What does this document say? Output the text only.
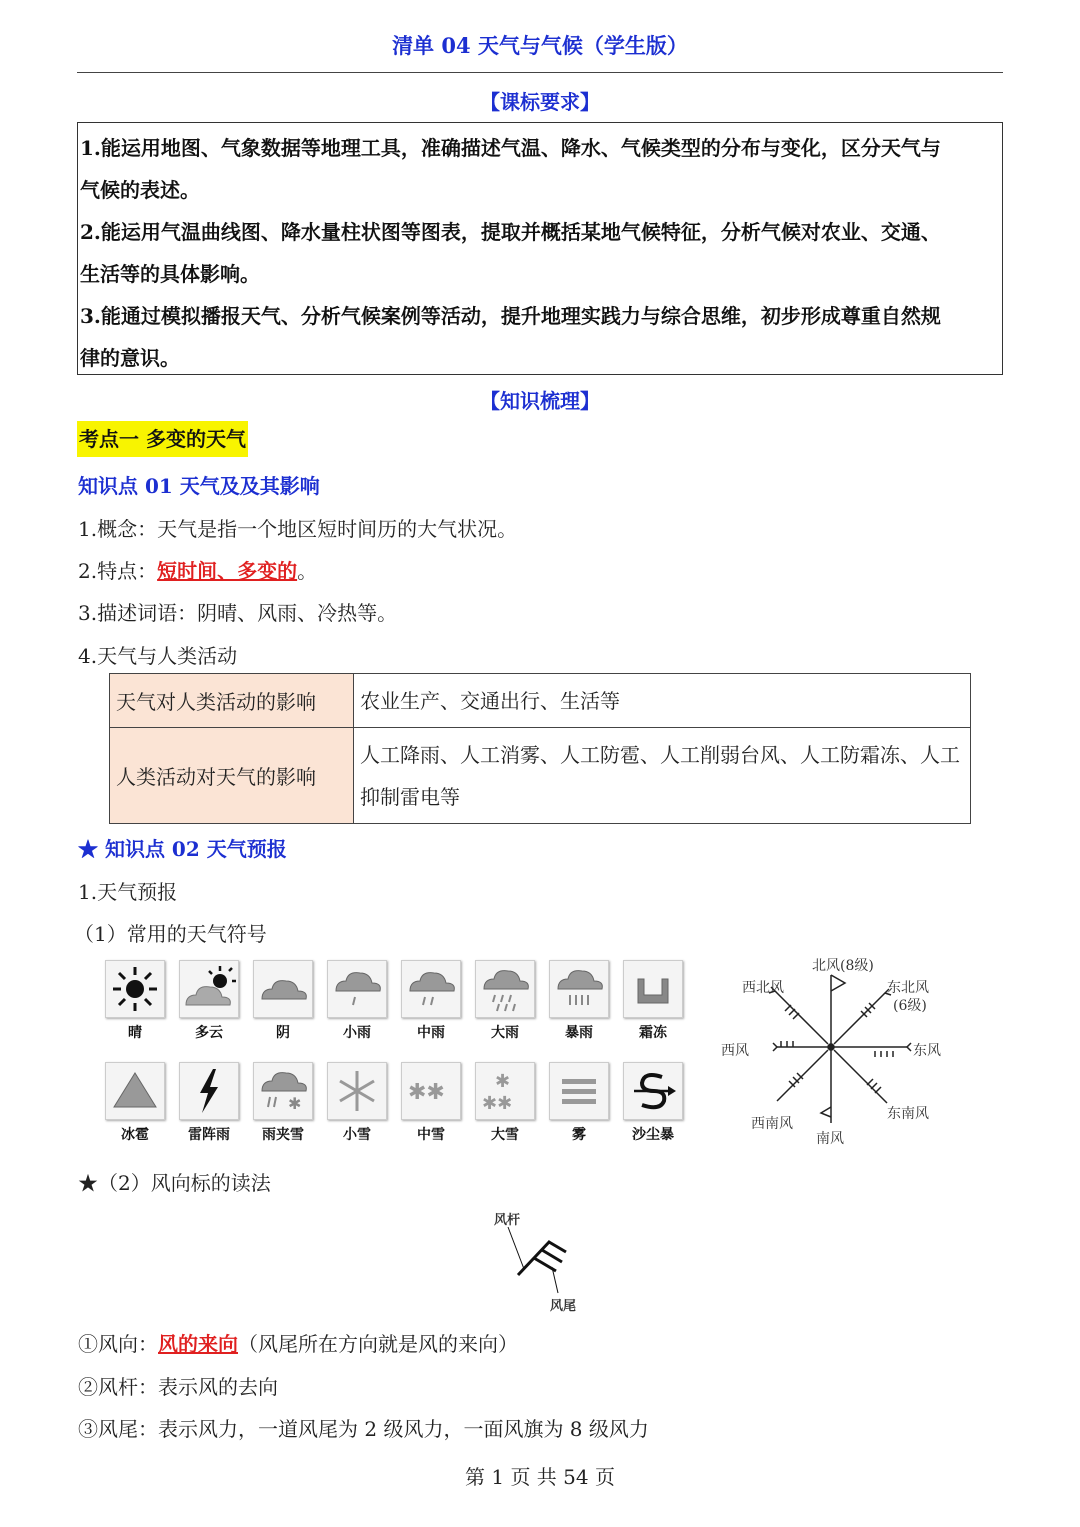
清单 04 天气与气候（学生版）
【课标要求】

1.能运用地图、气象数据等地理工具，准确描述气温、降水、气候类型的分布与变化，区分天气与

气候的表述。

2.能运用气温曲线图、降水量柱状图等图表，提取并概括某地气候特征，分析气候对农业、交通、

生活等的具体影响。

3.能通过模拟播报天气、分析气候案例等活动，提升地理实践力与综合思维，初步形成尊重自然规

律的意识。

【知识梳理】
考点一 多变的天气
知识点 01 天气及及其影响
1.概念：天气是指一个地区短时间历的大气状况。
2.特点：短时间、多变的。
3.描述词语：阴晴、风雨、冷热等。
4.天气与人类活动
天气对人类活动的影响	农业生产、交通出行、生活等
人类活动对天气的影响	人工降雨、人工消雾、人工防雹、人工削弱台风、人工防霜冻、人工抑制雷电等
★ 知识点 02 天气预报
1.天气预报
（1）常用的天气符号
晴	多云	阴	小雨	中雨	大雨	暴雨	霜冻
冰雹	雷阵雨
✱
雨夹雪	小雪
✱✱
中雪
✱
✱✱
大雪	雾	沙尘暴
北风(8级)
西北风	东北风
(6级)
西风	东风
西南风
东南风
南风
★（2）风向标的读法
风杆
风尾
①风向：风的来向（风尾所在方向就是风的来向）
②风杆：表示风的去向
③风尾：表示风力，一道风尾为 2 级风力，一面风旗为 8 级风力
第 1 页 共 54 页
